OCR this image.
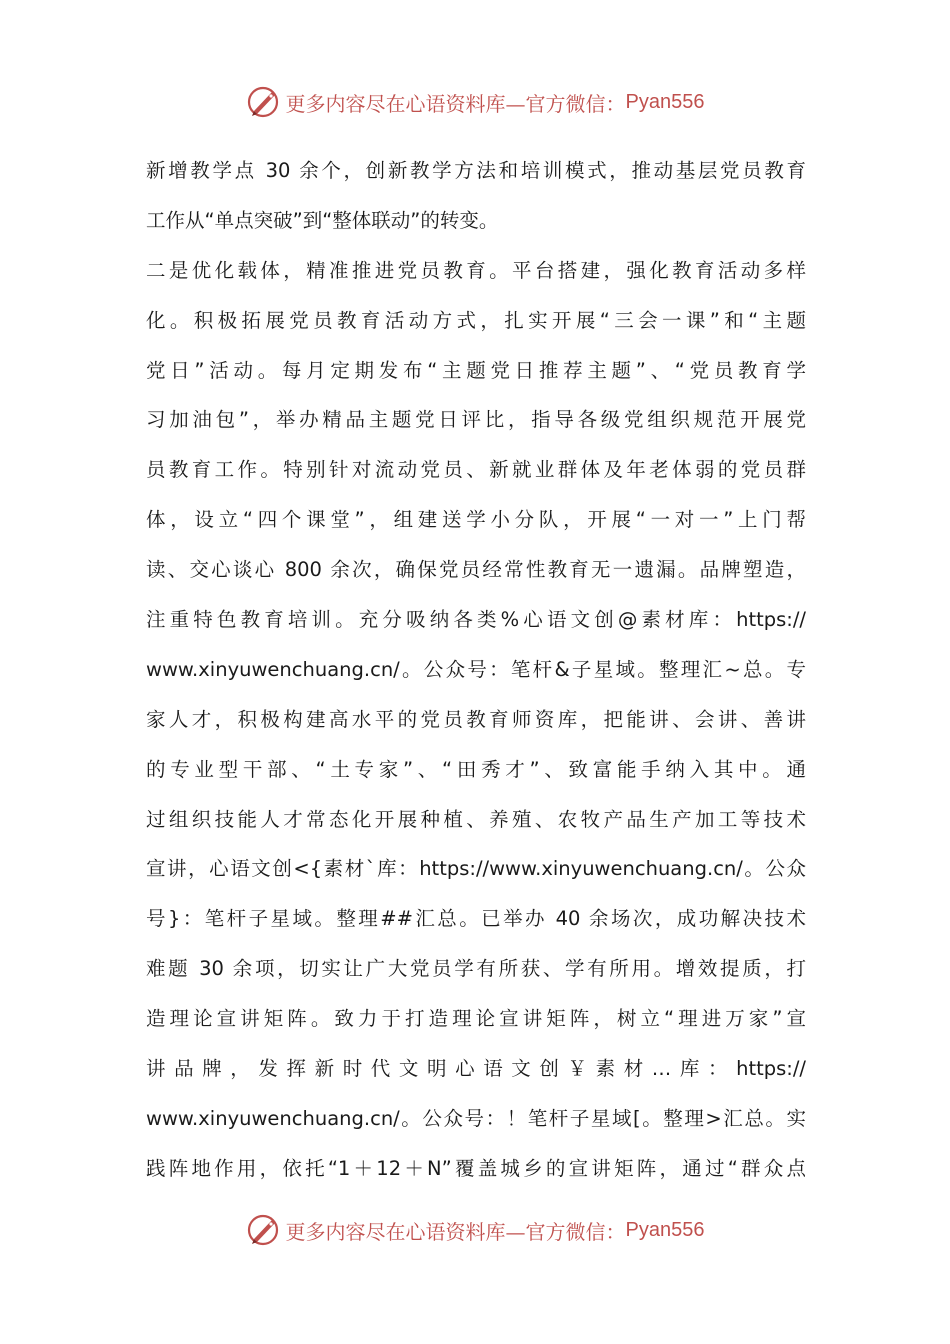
更多内容尽在心语资料库—官方微信： Pyan556
新增教学点 30 余个，创新教学方法和培训模式，推动基层党员教育
工作从“单点突破”到“整体联动”的转变。
二是优化载体，精准推进党员教育。平台搭建，强化教育活动多样
化。积极拓展党员教育活动方式，扎实开展“三会一课”和“主题
党日”活动。每月定期发布“主题党日推荐主题”、“党员教育学
习加油包”，举办精品主题党日评比，指导各级党组织规范开展党
员教育工作。特别针对流动党员、新就业群体及年老体弱的党员群
体，设立“四个课堂”，组建送学小分队，开展“一对一”上门帮
读、交心谈心 800 余次，确保党员经常性教育无一遗漏。品牌塑造，
注重特色教育培训。充分吸纳各类%心语文创@素材库：https://
www.xinyuwenchuang.cn/。公众号：笔杆&子星域。整理汇~总。专
家人才，积极构建高水平的党员教育师资库，把能讲、会讲、善讲
的专业型干部、“土专家”、“田秀才”、致富能手纳入其中。通
过组织技能人才常态化开展种植、养殖、农牧产品生产加工等技术
宣讲，心语文创<{素材`库：https://www.xinyuwenchuang.cn/。公众
号}：笔杆子星域。整理##汇总。已举办 40 余场次，成功解决技术
难题 30 余项，切实让广大党员学有所获、学有所用。增效提质，打
造理论宣讲矩阵。致力于打造理论宣讲矩阵，树立“理进万家”宣
讲品牌，发挥新时代文明心语文创￥素材…库：https://
www.xinyuwenchuang.cn/。公众号：！笔杆子星域[。整理>汇总。实
践阵地作用，依托“1＋12＋N”覆盖城乡的宣讲矩阵，通过“群众点
更多内容尽在心语资料库—官方微信： Pyan556
